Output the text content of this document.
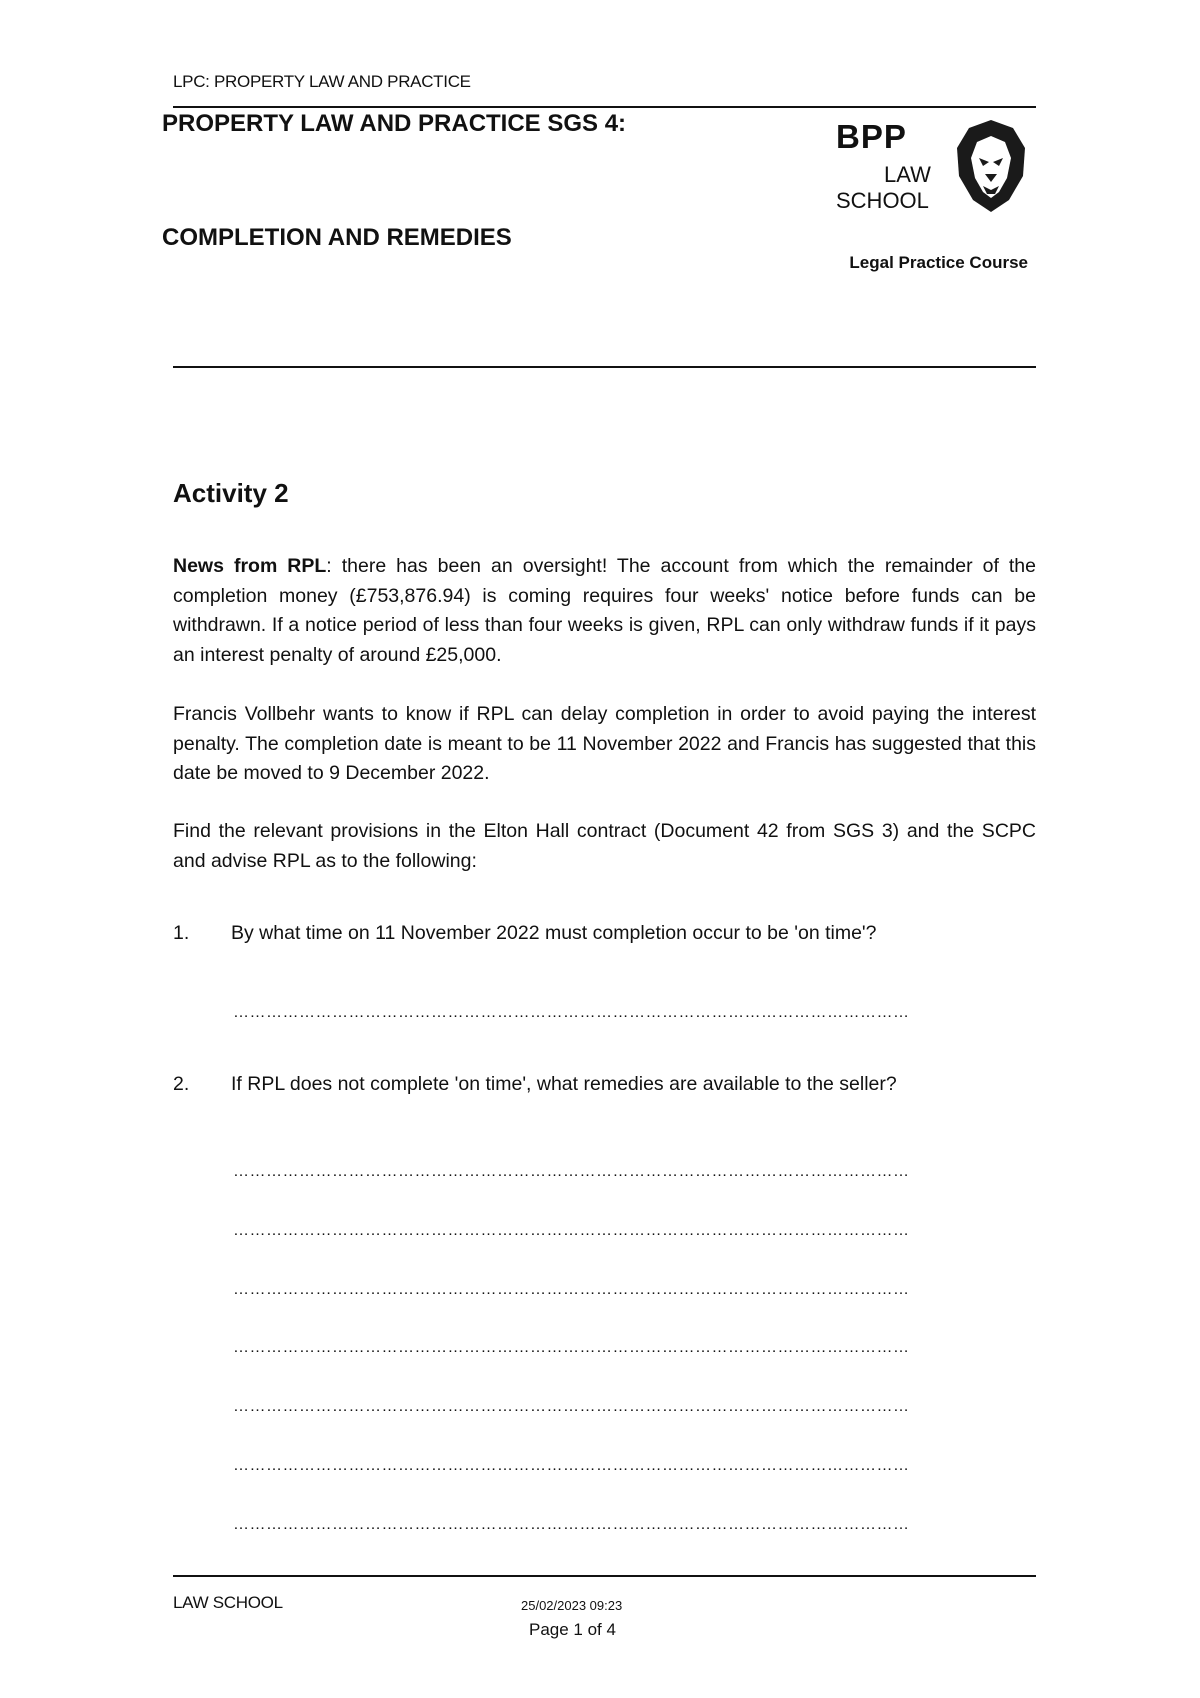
LPC: PROPERTY LAW AND PRACTICE
PROPERTY LAW AND PRACTICE SGS 4:
COMPLETION AND REMEDIES
BPP
LAW
SCHOOL
Legal Practice Course
Activity 2
News from RPL: there has been an oversight! The account from which the remainder of the completion money (£753,876.94) is coming requires four weeks' notice before funds can be withdrawn. If a notice period of less than four weeks is given, RPL can only withdraw funds if it pays an interest penalty of around £25,000.
Francis Vollbehr wants to know if RPL can delay completion in order to avoid paying the interest penalty. The completion date is meant to be 11 November 2022 and Francis has suggested that this date be moved to 9 December 2022.
Find the relevant provisions in the Elton Hall contract (Document 42 from SGS 3) and the SCPC and advise RPL as to the following:
1. By what time on 11 November 2022 must completion occur to be 'on time'?
……………………………………………………………………………………………………………
2. If RPL does not complete 'on time', what remedies are available to the seller?
……………………………………………………………………………………………………………
……………………………………………………………………………………………………………
……………………………………………………………………………………………………………
……………………………………………………………………………………………………………
……………………………………………………………………………………………………………
……………………………………………………………………………………………………………
……………………………………………………………………………………………………………
LAW SCHOOL	25/02/2023 09:23
Page 1 of 4
